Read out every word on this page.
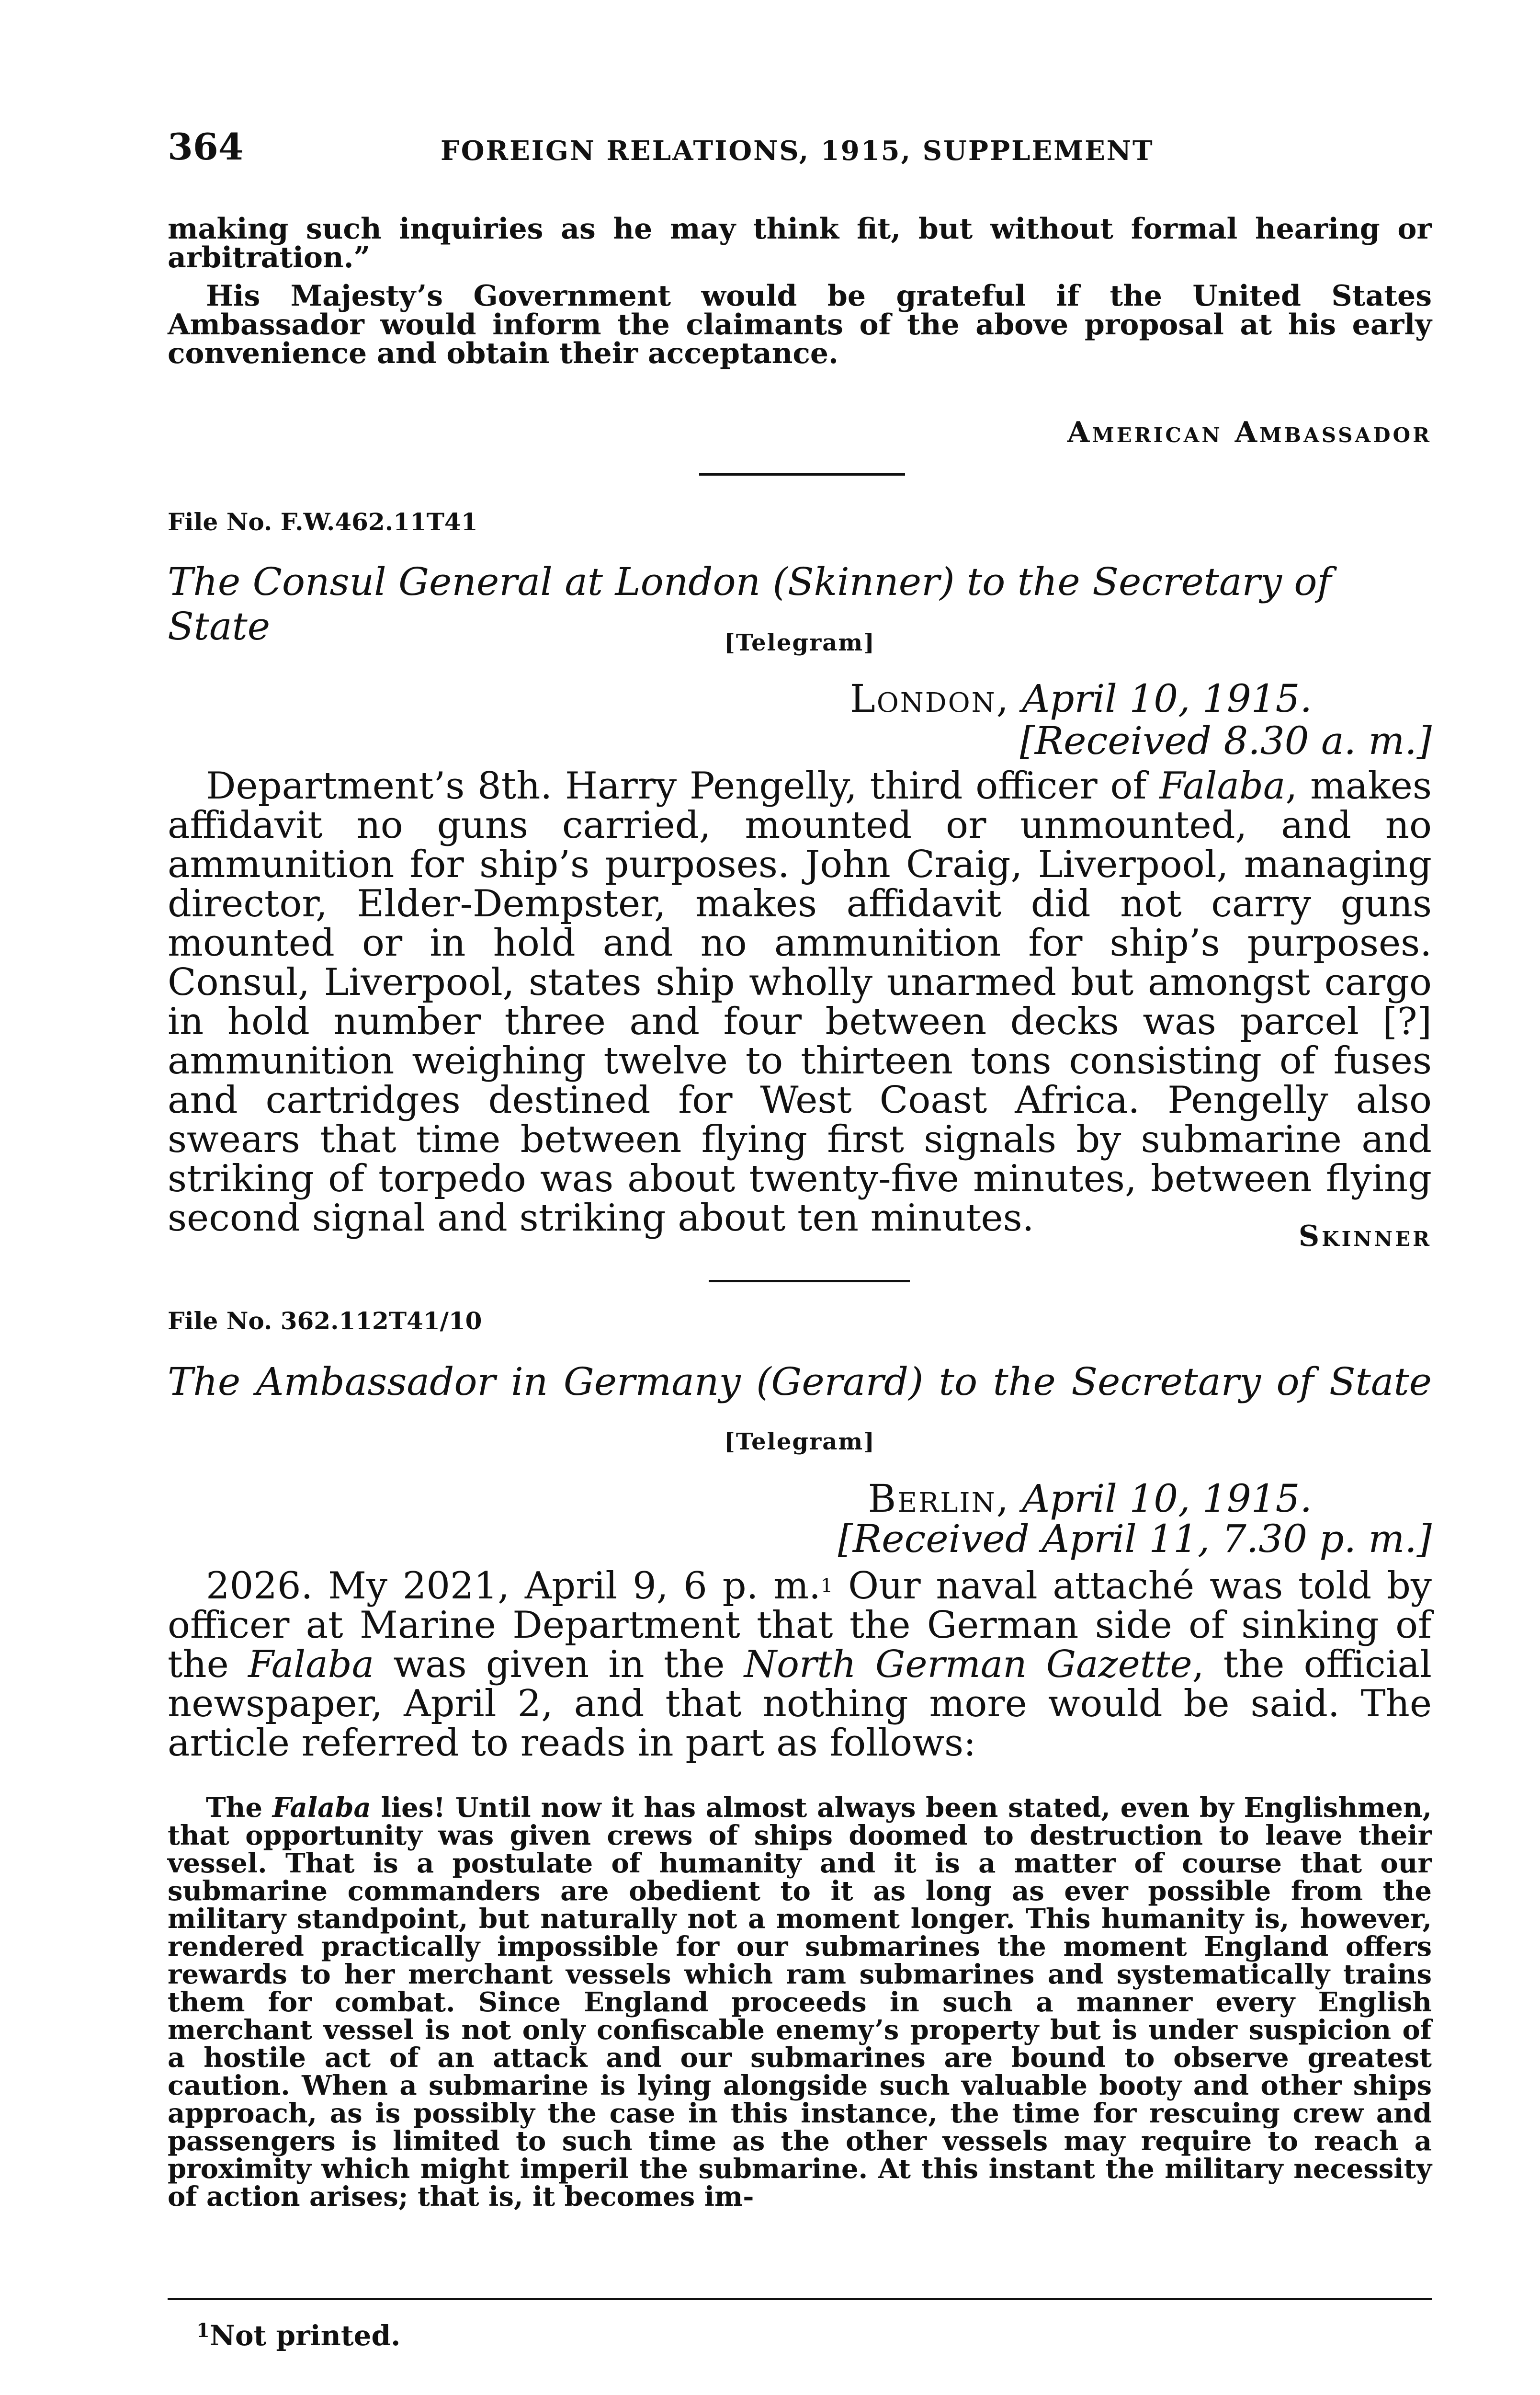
364	FOREIGN RELATIONS, 1915, SUPPLEMENT
making such inquiries as he may think fit, but without formal hearing or arbitration.”
His Majesty’s Government would be grateful if the United States Ambassador would inform the claimants of the above proposal at his early convenience and obtain their acceptance.
American Ambassador
File No. F.W.462.11T41
The Consul General at London (Skinner) to the Secretary of State	[Telegram]
London, April 10, 1915.
[Received 8.30 a. m.]
Department’s 8th. Harry Pengelly, third officer of Falaba, makes affidavit no guns carried, mounted or unmounted, and no ammunition for ship’s purposes. John Craig, Liverpool, managing director, Elder-Dempster, makes affidavit did not carry guns mounted or in hold and no ammunition for ship’s purposes. Consul, Liverpool, states ship wholly unarmed but amongst cargo in hold number three and four between decks was parcel [?] ammunition weighing twelve to thirteen tons consisting of fuses and cartridges destined for West Coast Africa. Pengelly also swears that time between flying first signals by submarine and striking of torpedo was about twenty-five minutes, between flying second signal and striking about ten minutes.	Skinner
File No. 362.112T41/10
The Ambassador in Germany (Gerard) to the Secretary of State
[Telegram]
Berlin, April 10, 1915.
[Received April 11, 7.30 p. m.]
2026. My 2021, April 9, 6 p. m.$^1$ Our naval attaché was told by officer at Marine Department that the German side of sinking of the Falaba was given in the North German Gazette, the official newspaper, April 2, and that nothing more would be said. The article referred to reads in part as follows:
The Falaba lies! Until now it has almost always been stated, even by Englishmen, that opportunity was given crews of ships doomed to destruction to leave their vessel. That is a postulate of humanity and it is a matter of course that our submarine commanders are obedient to it as long as ever possible from the military standpoint, but naturally not a moment longer. This humanity is, however, rendered practically impossible for our submarines the moment England offers rewards to her merchant vessels which ram submarines and systematically trains them for combat. Since England proceeds in such a manner every English merchant vessel is not only confiscable enemy’s property but is under suspicion of a hostile act of an attack and our submarines are bound to observe greatest caution. When a submarine is lying alongside such valuable booty and other ships approach, as is possibly the case in this instance, the time for rescuing crew and passengers is limited to such time as the other vessels may require to reach a proximity which might imperil the submarine. At this instant the military necessity of action arises; that is, it becomes im-
$^1$Not printed.
